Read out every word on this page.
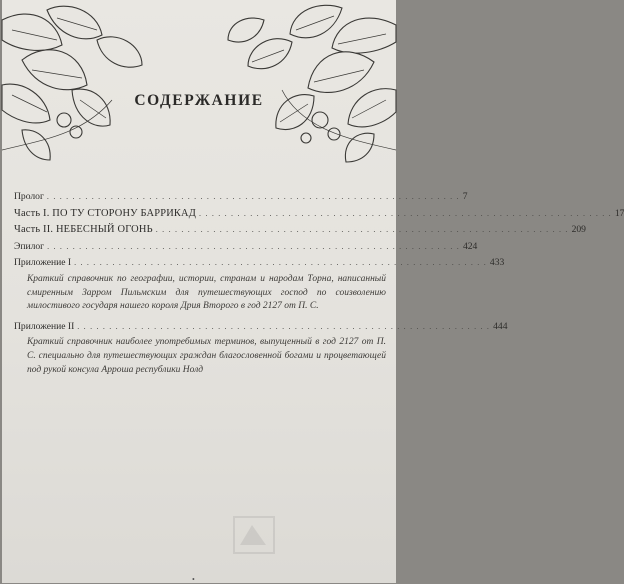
СОДЕРЖАНИЕ
Пролог . . . . . . . . . . . . . . . . . . . . . . . . . . . . . . . . . . . . . . . . . . . . . . . . . . . . . . . . . . . . . . . . . 7
Часть I. ПО ТУ СТОРОНУ БАРРИКАД . . . . . . . . . . . . . . . . . . . . . . . . . . . . . . . . . . . . . . . . . . . . . . . . . . . . . . . . . . . . . . . . . 17
Часть II. НЕБЕСНЫЙ ОГОНЬ . . . . . . . . . . . . . . . . . . . . . . . . . . . . . . . . . . . . . . . . . . . . . . . . . . . . . . . . . . . . . . . . . 209
Эпилог . . . . . . . . . . . . . . . . . . . . . . . . . . . . . . . . . . . . . . . . . . . . . . . . . . . . . . . . . . . . . . . . . 424
Приложение I . . . . . . . . . . . . . . . . . . . . . . . . . . . . . . . . . . . . . . . . . . . . . . . . . . . . . . . . . . . . . . . . . 433
Краткий справочник по географии, истории, странам и народам Торна, написанный смиренным Зарром Пильмским для путешествующих господ по соизволению милостивого государя нашего короля Дрия Второго в год 2127 от П. С.
Приложение II . . . . . . . . . . . . . . . . . . . . . . . . . . . . . . . . . . . . . . . . . . . . . . . . . . . . . . . . . . . . . . . . . 444
Краткий справочник наиболее употребимых терминов, выпущенный в год 2127 от П. С. специально для путешествующих граждан благословенной богами и процветающей под рукой консула Арроша республики Нолд
•
